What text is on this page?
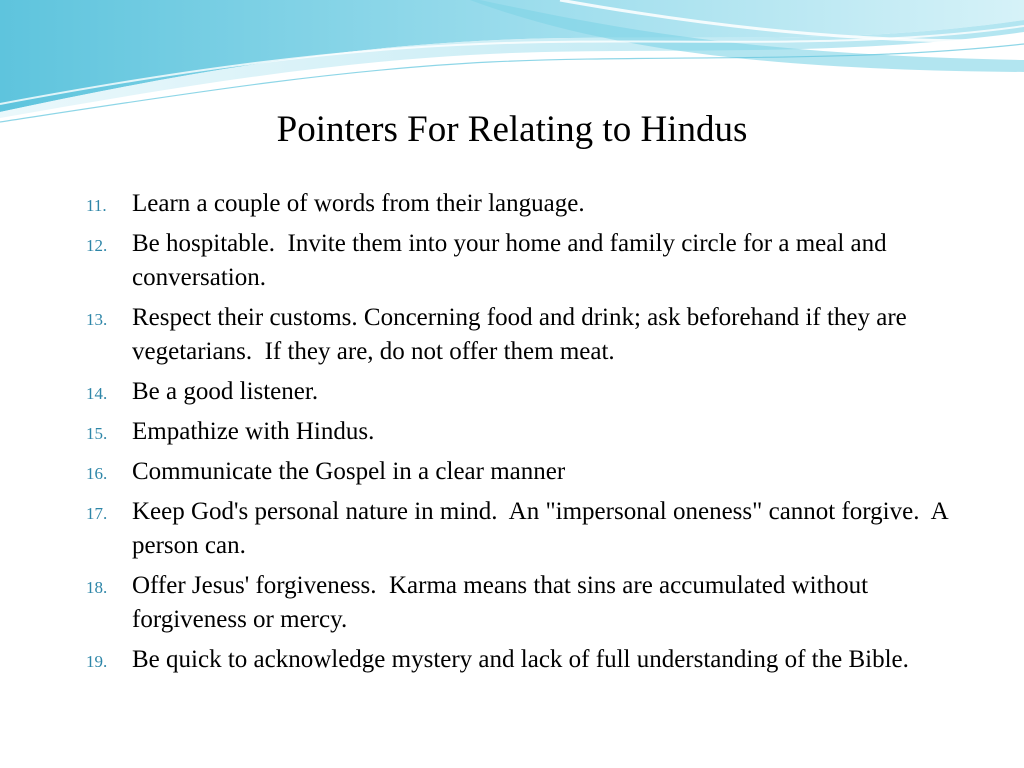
Pointers For Relating to Hindus
11.	Learn a couple of words from their language.
12. Be hospitable.  Invite them into your home and family circle for a meal and conversation.
13. Respect their customs. Concerning food and drink; ask beforehand if they are vegetarians.  If they are, do not offer them meat.
14. Be a good listener.
15. Empathize with Hindus.
16. Communicate the Gospel in a clear manner
17. Keep God's personal nature in mind.  An "impersonal oneness" cannot forgive.  A person can.
18. Offer Jesus' forgiveness.  Karma means that sins are accumulated without forgiveness or mercy.
19. Be quick to acknowledge mystery and lack of full understanding of the Bible.
